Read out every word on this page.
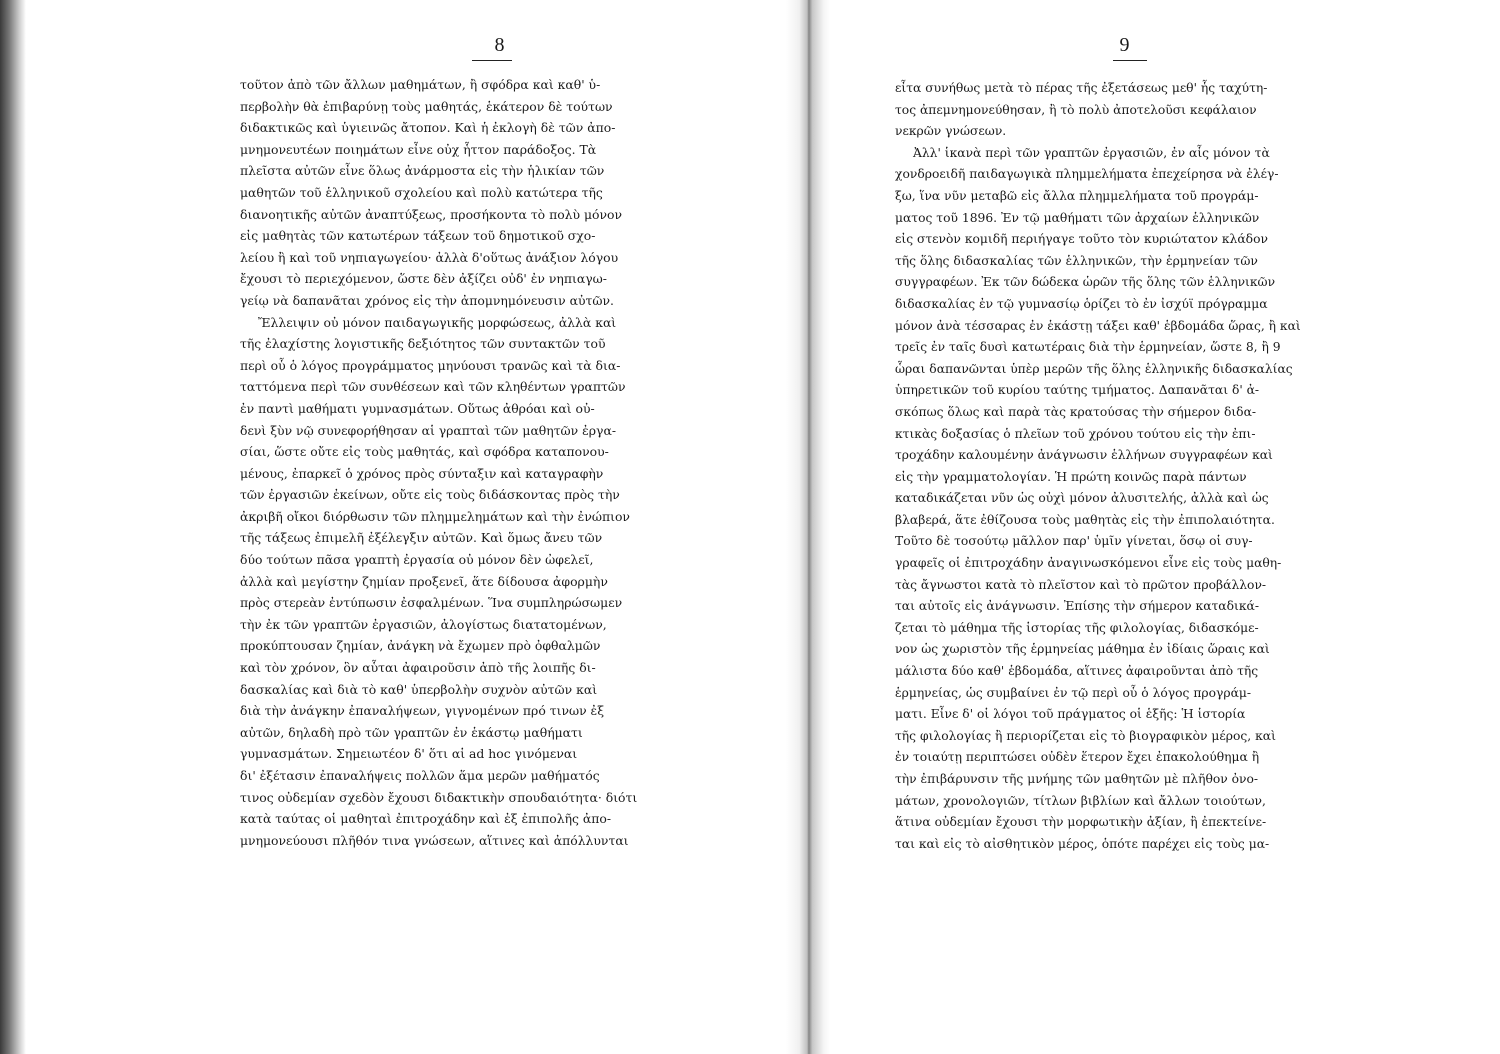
8
τοῦτον ἀπὸ τῶν ἄλλων μαθημάτων, ἢ σφόδρα καὶ καθ' ὑ-
περβολὴν θὰ ἐπιβαρύνῃ τοὺς μαθητάς, ἑκάτερον δὲ τούτων
διδακτικῶς καὶ ὑγιεινῶς ἄτοπον. Καὶ ἡ ἐκλογὴ δὲ τῶν ἀπο-
μνημονευτέων ποιημάτων εἶνε οὐχ ἧττον παράδοξος. Τὰ
πλεῖστα αὐτῶν εἶνε ὅλως ἀνάρμοστα εἰς τὴν ἡλικίαν τῶν
μαθητῶν τοῦ ἑλληνικοῦ σχολείου καὶ πολὺ κατώτερα τῆς
διανοητικῆς αὐτῶν ἀναπτύξεως, προσήκοντα τὸ πολὺ μόνον
εἰς μαθητὰς τῶν κατωτέρων τάξεων τοῦ δημοτικοῦ σχο-
λείου ἢ καὶ τοῦ νηπιαγωγείου· ἀλλὰ δ'οὕτως ἀνάξιον λόγου
ἔχουσι τὸ περιεχόμενον, ὥστε δὲν ἀξίζει οὐδ' ἐν νηπιαγω-
γείῳ νὰ δαπανᾶται χρόνος εἰς τὴν ἀπομνημόνευσιν αὐτῶν.
Ἔλλειψιν οὐ μόνον παιδαγωγικῆς μορφώσεως, ἀλλὰ καὶ
τῆς ἐλαχίστης λογιστικῆς δεξιότητος τῶν συντακτῶν τοῦ
περὶ οὗ ὁ λόγος προγράμματος μηνύουσι τρανῶς καὶ τὰ δια-
ταττόμενα περὶ τῶν συνθέσεων καὶ τῶν κληθέντων γραπτῶν
ἐν παντὶ μαθήματι γυμνασμάτων. Οὕτως ἀθρόαι καὶ οὐ-
δενὶ ξὺν νῷ συνεφορήθησαν αἱ γραπταὶ τῶν μαθητῶν ἐργα-
σίαι, ὥστε οὔτε εἰς τοὺς μαθητάς, καὶ σφόδρα καταπονου-
μένους, ἐπαρκεῖ ὁ χρόνος πρὸς σύνταξιν καὶ καταγραφὴν
τῶν ἐργασιῶν ἐκείνων, οὔτε εἰς τοὺς διδάσκοντας πρὸς τὴν
ἀκριβῆ οἴκοι διόρθωσιν τῶν πλημμελημάτων καὶ τὴν ἐνώπιον
τῆς τάξεως ἐπιμελῆ ἐξέλεγξιν αὐτῶν. Καὶ ὅμως ἄνευ τῶν
δύο τούτων πᾶσα γραπτὴ ἐργασία οὐ μόνον δὲν ὠφελεῖ,
ἀλλὰ καὶ μεγίστην ζημίαν προξενεῖ, ἅτε δίδουσα ἀφορμὴν
πρὸς στερεὰν ἐντύπωσιν ἐσφαλμένων. Ἵνα συμπληρώσωμεν
τὴν ἐκ τῶν γραπτῶν ἐργασιῶν, ἀλογίστως διατατομένων,
προκύπτουσαν ζημίαν, ἀνάγκη νὰ ἔχωμεν πρὸ ὀφθαλμῶν
καὶ τὸν χρόνον, ὃν αὗται ἀφαιροῦσιν ἀπὸ τῆς λοιπῆς δι-
δασκαλίας καὶ διὰ τὸ καθ' ὑπερβολὴν συχνὸν αὐτῶν καὶ
διὰ τὴν ἀνάγκην ἐπαναλήψεων, γιγνομένων πρό τινων ἐξ
αὐτῶν, δηλαδὴ πρὸ τῶν γραπτῶν ἐν ἑκάστῳ μαθήματι
γυμνασμάτων. Σημειωτέον δ' ὅτι αἱ ad hoc γινόμεναι
δι' ἐξέτασιν ἐπαναλήψεις πολλῶν ἅμα μερῶν μαθήματός
τινος οὐδεμίαν σχεδὸν ἔχουσι διδακτικὴν σπουδαιότητα· διότι
κατὰ ταύτας οἱ μαθηταὶ ἐπιτροχάδην καὶ ἐξ ἐπιπολῆς ἀπο-
μνημονεύουσι πλῆθόν τινα γνώσεων, αἵτινες καὶ ἀπόλλυνται
9
εἶτα συνήθως μετὰ τὸ πέρας τῆς ἐξετάσεως μεθ' ἧς ταχύτη-
τος ἀπεμνημονεύθησαν, ἢ τὸ πολὺ ἀποτελοῦσι κεφάλαιον
νεκρῶν γνώσεων.
Ἀλλ' ἱκανὰ περὶ τῶν γραπτῶν ἐργασιῶν, ἐν αἷς μόνον τὰ
χονδροειδῆ παιδαγωγικὰ πλημμελήματα ἐπεχείρησα νὰ ἐλέγ-
ξω, ἵνα νῦν μεταβῶ εἰς ἄλλα πλημμελήματα τοῦ προγράμ-
ματος τοῦ 1896. Ἐν τῷ μαθήματι τῶν ἀρχαίων ἑλληνικῶν
εἰς στενὸν κομιδῆ περιήγαγε τοῦτο τὸν κυριώτατον κλάδον
τῆς ὅλης διδασκαλίας τῶν ἑλληνικῶν, τὴν ἑρμηνείαν τῶν
συγγραφέων. Ἐκ τῶν δώδεκα ὡρῶν τῆς ὅλης τῶν ἑλληνικῶν
διδασκαλίας ἐν τῷ γυμνασίῳ ὁρίζει τὸ ἐν ἰσχύϊ πρόγραμμα
μόνον ἀνὰ τέσσαρας ἐν ἑκάστῃ τάξει καθ' ἑβδομάδα ὥρας, ἢ καὶ
τρεῖς ἐν ταῖς δυσὶ κατωτέραις διὰ τὴν ἑρμηνείαν, ὥστε 8, ἢ 9
ὧραι δαπανῶνται ὑπὲρ μερῶν τῆς ὅλης ἑλληνικῆς διδασκαλίας
ὑπηρετικῶν τοῦ κυρίου ταύτης τμήματος. Δαπανᾶται δ' ἀ-
σκόπως ὅλως καὶ παρὰ τὰς κρατούσας τὴν σήμερον διδα-
κτικὰς δοξασίας ὁ πλεῖων τοῦ χρόνου τούτου εἰς τὴν ἐπι-
τροχάδην καλουμένην ἀνάγνωσιν ἑλλήνων συγγραφέων καὶ
εἰς τὴν γραμματολογίαν. Ἡ πρώτη κοινῶς παρὰ πάντων
καταδικάζεται νῦν ὡς οὐχὶ μόνον ἀλυσιτελής, ἀλλὰ καὶ ὡς
βλαβερά, ἅτε ἐθίζουσα τοὺς μαθητὰς εἰς τὴν ἐπιπολαιότητα.
Τοῦτο δὲ τοσούτῳ μᾶλλον παρ' ὑμῖν γίνεται, ὅσῳ οἱ συγ-
γραφεῖς οἱ ἐπιτροχάδην ἀναγινωσκόμενοι εἶνε εἰς τοὺς μαθη-
τὰς ἄγνωστοι κατὰ τὸ πλεῖστον καὶ τὸ πρῶτον προβάλλον-
ται αὐτοῖς εἰς ἀνάγνωσιν. Ἐπίσης τὴν σήμερον καταδικά-
ζεται τὸ μάθημα τῆς ἱστορίας τῆς φιλολογίας, διδασκόμε-
νον ὡς χωριστὸν τῆς ἑρμηνείας μάθημα ἐν ἰδίαις ὥραις καὶ
μάλιστα δύο καθ' ἑβδομάδα, αἵτινες ἀφαιροῦνται ἀπὸ τῆς
ἑρμηνείας, ὡς συμβαίνει ἐν τῷ περὶ οὗ ὁ λόγος προγράμ-
ματι. Εἶνε δ' οἱ λόγοι τοῦ πράγματος οἱ ἑξῆς: Ἡ ἱστορία
τῆς φιλολογίας ἢ περιορίζεται εἰς τὸ βιογραφικὸν μέρος, καὶ
ἐν τοιαύτῃ περιπτώσει οὐδὲν ἕτερον ἔχει ἐπακολούθημα ἢ
τὴν ἐπιβάρυνσιν τῆς μνήμης τῶν μαθητῶν μὲ πλῆθον ὀνο-
μάτων, χρονολογιῶν, τίτλων βιβλίων καὶ ἄλλων τοιούτων,
ἅτινα οὐδεμίαν ἔχουσι τὴν μορφωτικὴν ἀξίαν, ἢ ἐπεκτείνε-
ται καὶ εἰς τὸ αἰσθητικὸν μέρος, ὁπότε παρέχει εἰς τοὺς μα-
